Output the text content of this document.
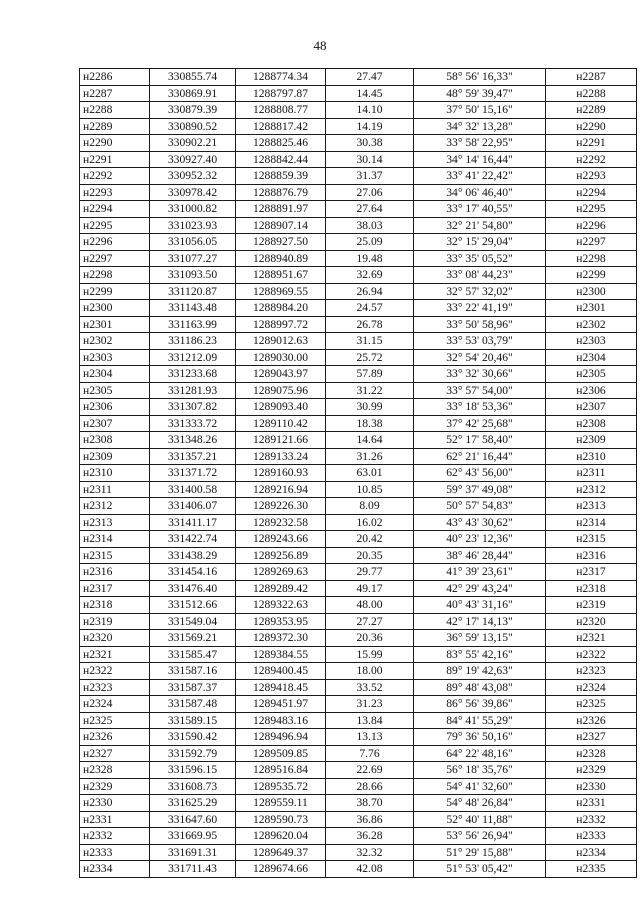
48
н2286	330855.74	1288774.34	27.47	58° 56' 16,33"	н2287
н2287	330869.91	1288797.87	14.45	48° 59' 39,47"	н2288
н2288	330879.39	1288808.77	14.10	37° 50' 15,16"	н2289
н2289	330890.52	1288817.42	14.19	34° 32' 13,28"	н2290
н2290	330902.21	1288825.46	30.38	33° 58' 22,95"	н2291
н2291	330927.40	1288842.44	30.14	34° 14' 16,44"	н2292
н2292	330952.32	1288859.39	31.37	33° 41' 22,42"	н2293
н2293	330978.42	1288876.79	27.06	34° 06' 46,40"	н2294
н2294	331000.82	1288891.97	27.64	33° 17' 40,55"	н2295
н2295	331023.93	1288907.14	38.03	32° 21' 54,80"	н2296
н2296	331056.05	1288927.50	25.09	32° 15' 29,04"	н2297
н2297	331077.27	1288940.89	19.48	33° 35' 05,52"	н2298
н2298	331093.50	1288951.67	32.69	33° 08' 44,23"	н2299
н2299	331120.87	1288969.55	26.94	32° 57' 32,02"	н2300
н2300	331143.48	1288984.20	24.57	33° 22' 41,19"	н2301
н2301	331163.99	1288997.72	26.78	33° 50' 58,96"	н2302
н2302	331186.23	1289012.63	31.15	33° 53' 03,79"	н2303
н2303	331212.09	1289030.00	25.72	32° 54' 20,46"	н2304
н2304	331233.68	1289043.97	57.89	33° 32' 30,66"	н2305
н2305	331281.93	1289075.96	31.22	33° 57' 54,00"	н2306
н2306	331307.82	1289093.40	30.99	33° 18' 53,36"	н2307
н2307	331333.72	1289110.42	18.38	37° 42' 25,68"	н2308
н2308	331348.26	1289121.66	14.64	52° 17' 58,40"	н2309
н2309	331357.21	1289133.24	31.26	62° 21' 16,44"	н2310
н2310	331371.72	1289160.93	63.01	62° 43' 56,00"	н2311
н2311	331400.58	1289216.94	10.85	59° 37' 49,08"	н2312
н2312	331406.07	1289226.30	8.09	50° 57' 54,83"	н2313
н2313	331411.17	1289232.58	16.02	43° 43' 30,62"	н2314
н2314	331422.74	1289243.66	20.42	40° 23' 12,36"	н2315
н2315	331438.29	1289256.89	20.35	38° 46' 28,44"	н2316
н2316	331454.16	1289269.63	29.77	41° 39' 23,61"	н2317
н2317	331476.40	1289289.42	49.17	42° 29' 43,24"	н2318
н2318	331512.66	1289322.63	48.00	40° 43' 31,16"	н2319
н2319	331549.04	1289353.95	27.27	42° 17' 14,13"	н2320
н2320	331569.21	1289372.30	20.36	36° 59' 13,15"	н2321
н2321	331585.47	1289384.55	15.99	83° 55' 42,16"	н2322
н2322	331587.16	1289400.45	18.00	89° 19' 42,63"	н2323
н2323	331587.37	1289418.45	33.52	89° 48' 43,08"	н2324
н2324	331587.48	1289451.97	31.23	86° 56' 39,86"	н2325
н2325	331589.15	1289483.16	13.84	84° 41' 55,29"	н2326
н2326	331590.42	1289496.94	13.13	79° 36' 50,16"	н2327
н2327	331592.79	1289509.85	7.76	64° 22' 48,16"	н2328
н2328	331596.15	1289516.84	22.69	56° 18' 35,76"	н2329
н2329	331608.73	1289535.72	28.66	54° 41' 32,60"	н2330
н2330	331625.29	1289559.11	38.70	54° 48' 26,84"	н2331
н2331	331647.60	1289590.73	36.86	52° 40' 11,88"	н2332
н2332	331669.95	1289620.04	36.28	53° 56' 26,94"	н2333
н2333	331691.31	1289649.37	32.32	51° 29' 15,88"	н2334
н2334	331711.43	1289674.66	42.08	51° 53' 05,42"	н2335
